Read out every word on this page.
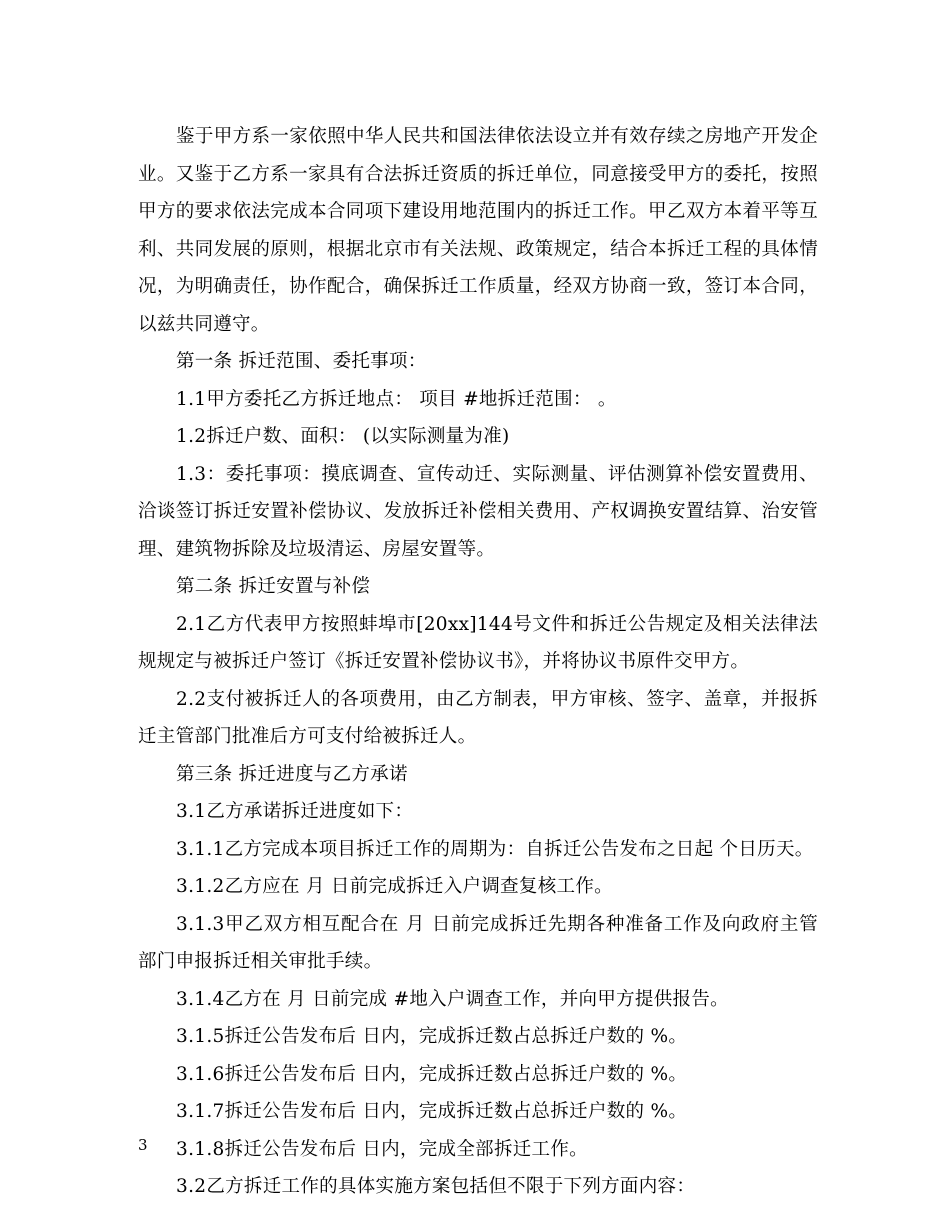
鉴于甲方系一家依照中华人民共和国法律依法设立并有效存续之房地产开发企业。又鉴于乙方系一家具有合法拆迁资质的拆迁单位，同意接受甲方的委托，按照甲方的要求依法完成本合同项下建设用地范围内的拆迁工作。甲乙双方本着平等互利、共同发展的原则，根据北京市有关法规、政策规定，结合本拆迁工程的具体情况，为明确责任，协作配合，确保拆迁工作质量，经双方协商一致，签订本合同，以兹共同遵守。

第一条 拆迁范围、委托事项：

1.1甲方委托乙方拆迁地点： 项目 #地拆迁范围： 。

1.2拆迁户数、面积： (以实际测量为准)

1.3：委托事项：摸底调查、宣传动迁、实际测量、评估测算补偿安置费用、洽谈签订拆迁安置补偿协议、发放拆迁补偿相关费用、产权调换安置结算、治安管理、建筑物拆除及垃圾清运、房屋安置等。

第二条 拆迁安置与补偿

2.1乙方代表甲方按照蚌埠市[20xx]144号文件和拆迁公告规定及相关法律法规规定与被拆迁户签订《拆迁安置补偿协议书》，并将协议书原件交甲方。

2.2支付被拆迁人的各项费用，由乙方制表，甲方审核、签字、盖章，并报拆迁主管部门批准后方可支付给被拆迁人。

第三条 拆迁进度与乙方承诺

3.1乙方承诺拆迁进度如下：

3.1.1乙方完成本项目拆迁工作的周期为：自拆迁公告发布之日起 个日历天。

3.1.2乙方应在 月 日前完成拆迁入户调查复核工作。

3.1.3甲乙双方相互配合在 月 日前完成拆迁先期各种准备工作及向政府主管部门申报拆迁相关审批手续。

3.1.4乙方在 月 日前完成 #地入户调查工作，并向甲方提供报告。

3.1.5拆迁公告发布后 日内，完成拆迁数占总拆迁户数的 %。

3.1.6拆迁公告发布后 日内，完成拆迁数占总拆迁户数的 %。

3.1.7拆迁公告发布后 日内，完成拆迁数占总拆迁户数的 %。

3.1.8拆迁公告发布后 日内，完成全部拆迁工作。

3.2乙方拆迁工作的具体实施方案包括但不限于下列方面内容：

3
